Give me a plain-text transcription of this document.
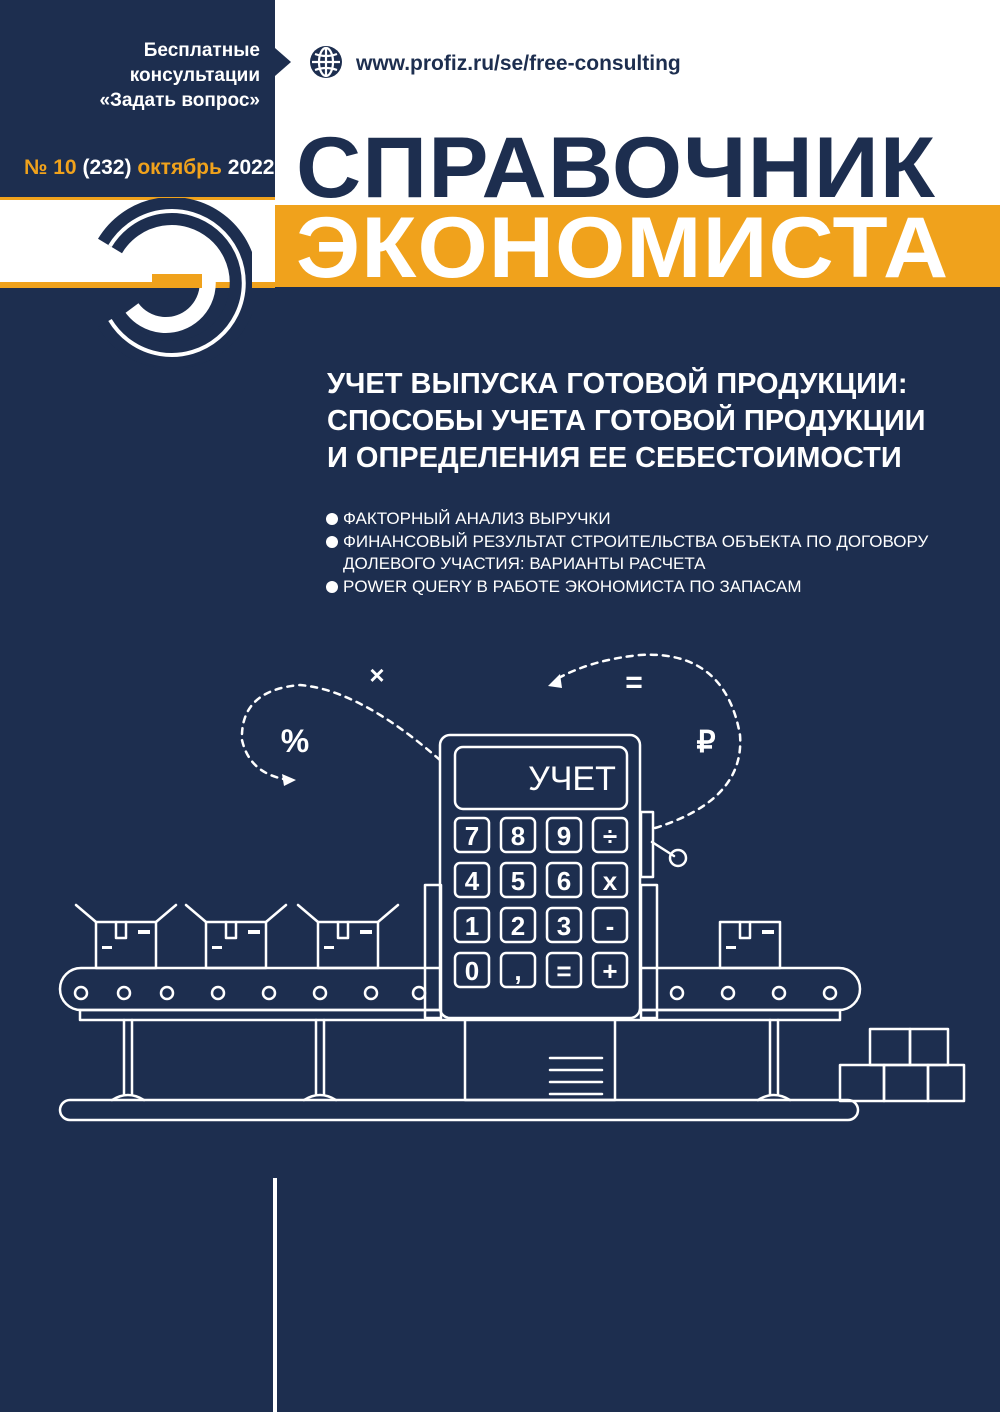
Бесплатные консультации
«Задать вопрос»
www.profiz.ru/se/free-consulting
№ 10 (232) октябрь 2022 СПРАВОЧНИК
ЭКОНОМИСТА
УЧЕТ ВЫПУСКА ГОТОВОЙ ПРОДУКЦИИ:
СПОСОБЫ УЧЕТА ГОТОВОЙ ПРОДУКЦИИ
И ОПРЕДЕЛЕНИЯ ЕЕ СЕБЕСТОИМОСТИ
ФАКТОРНЫЙ АНАЛИЗ ВЫРУЧКИ
ФИНАНСОВЫЙ РЕЗУЛЬТАТ СТРОИТЕЛЬСТВА ОБЪЕКТА ПО ДОГОВОРУ ДОЛЕВОГО УЧАСТИЯ: ВАРИАНТЫ РАСЧЕТА
POWER QUERY В РАБОТЕ ЭКОНОМИСТА ПО ЗАПАСАМ
УЧЕТ
7 8 9 ÷
4 5 6 x
1 2 3 -
0 , = +
×	=
%	₽
